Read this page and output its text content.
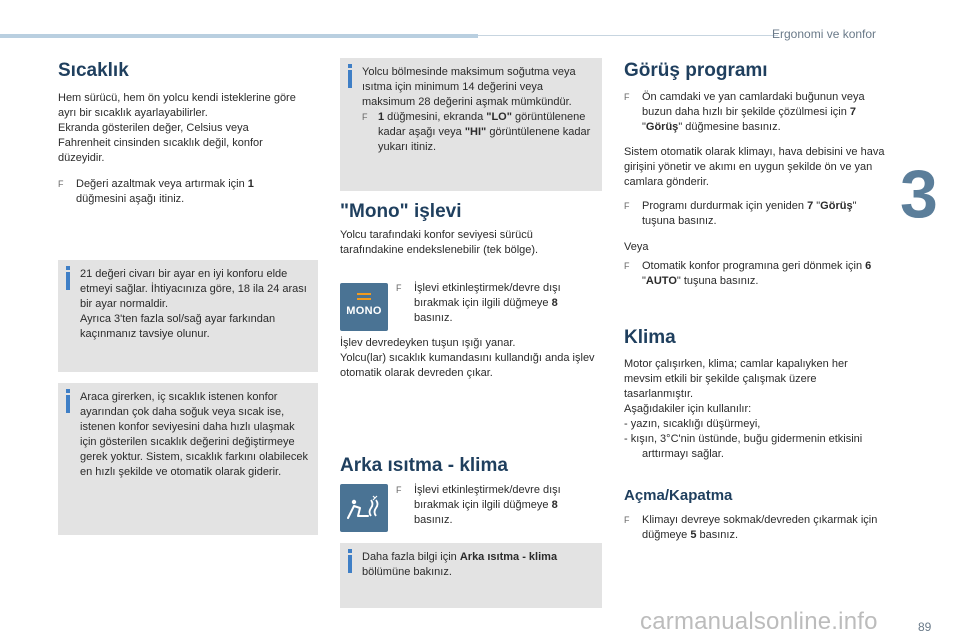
Ergonomi ve konfor
3
Sıcaklık

Hem sürücü, hem ön yolcu kendi isteklerine göre ayrı bir sıcaklık ayarlayabilirler.
Ekranda gösterilen değer, Celsius veya Fahrenheit cinsinden sıcaklık değil, konfor düzeyidir.

F	Değeri azaltmak veya artırmak için 1 düğmesini aşağı itiniz.
21 değeri civarı bir ayar en iyi konforu elde etmeyi sağlar. İhtiyacınıza göre, 18 ila 24 arası bir ayar normaldir.
Ayrıca 3'ten fazla sol/sağ ayar farkından kaçınmanız tavsiye olunur.
Araca girerken, iç sıcaklık istenen konfor ayarından çok daha soğuk veya sıcak ise, istenen konfor seviyesini daha hızlı ulaşmak için gösterilen sıcaklık değerini değiştirmeye gerek yoktur. Sistem, sıcaklık farkını olabilecek en hızlı şekilde ve otomatik olarak giderir.
Yolcu bölmesinde maksimum soğutma veya ısıtma için minimum 14 değerini veya maksimum 28 değerini aşmak mümkündür.
F 1 düğmesini, ekranda "LO" görüntülenene kadar aşağı veya "HI" görüntülenene kadar yukarı itiniz.
"Mono" işlevi

Yolcu tarafındaki konfor seviyesi sürücü tarafındakine endekslenebilir (tek bölge).

MONO
F	İşlevi etkinleştirmek/devre dışı bırakmak için ilgili düğmeye 8 basınız.

İşlev devredeyken tuşun ışığı yanar.
Yolcu(lar) sıcaklık kumandasını kullandığı anda işlev otomatik olarak devreden çıkar.

Arka ısıtma - klima
F	İşlevi etkinleştirmek/devre dışı bırakmak için ilgili düğmeye 8 basınız.
Daha fazla bilgi için Arka ısıtma - klima bölümüne bakınız.
Görüş programı
F	Ön camdaki ve yan camlardaki buğunun veya buzun daha hızlı bir şekilde çözülmesi için 7 "Görüş" düğmesine basınız.

Sistem otomatik olarak klimayı, hava debisini ve hava girişini yönetir ve akımı en uygun şekilde ön ve yan camlara gönderir.

F	Programı durdurmak için yeniden 7 "Görüş" tuşuna basınız.

Veya

F	Otomatik konfor programına geri dönmek için 6 "AUTO" tuşuna basınız.
Klima

Motor çalışırken, klima; camlar kapalıyken her mevsim etkili bir şekilde çalışmak üzere tasarlanmıştır.
Aşağıdakiler için kullanılır:

- yazın, sıcaklığı düşürmeyi,

- kışın, 3°C'nin üstünde, buğu gidermenin etkisini arttırmayı sağlar.

Açma/Kapatma
F	Klimayı devreye sokmak/devreden çıkarmak için düğmeye 5 basınız.
carmanualsonline.info	89
